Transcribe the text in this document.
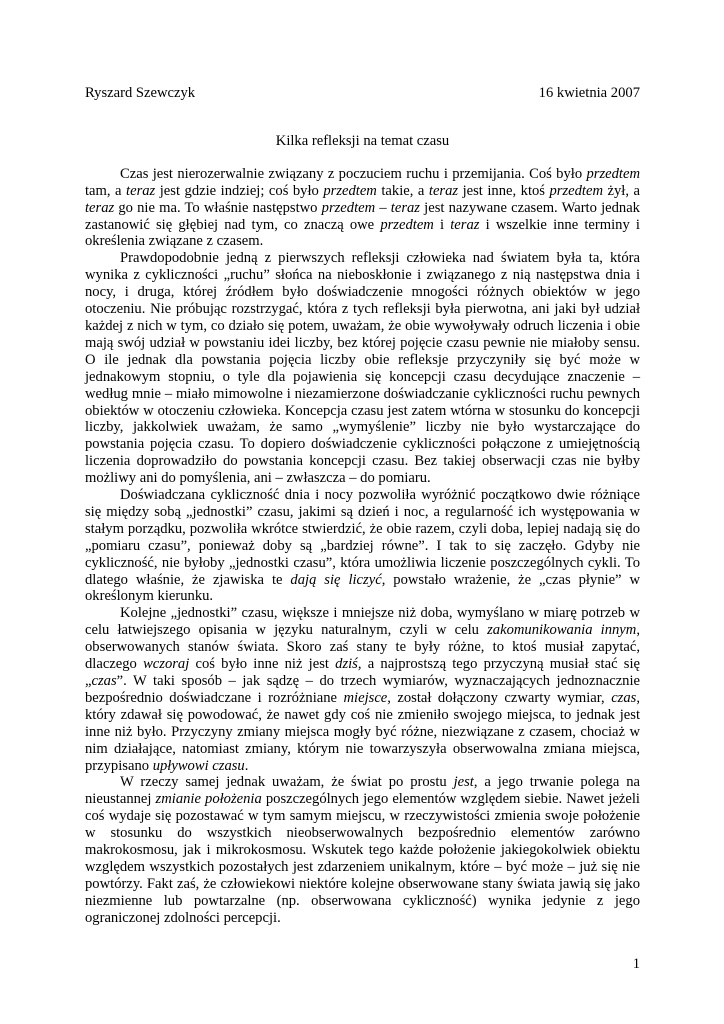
Ryszard Szewczyk	16 kwietnia 2007
Kilka refleksji na temat czasu

Czas jest nierozerwalnie związany z poczuciem ruchu i przemijania. Coś było przedtem tam, a teraz jest gdzie indziej; coś było przedtem takie, a teraz jest inne, ktoś przedtem żył, a teraz go nie ma. To właśnie następstwo przedtem – teraz jest nazywane czasem. Warto jednak zastanowić się głębiej nad tym, co znaczą owe przedtem i teraz i wszelkie inne terminy i określenia związane z czasem.

Prawdopodobnie jedną z pierwszych refleksji człowieka nad światem była ta, która wynika z cykliczności „ruchu” słońca na nieboskłonie i związanego z nią następstwa dnia i nocy, i druga, której źródłem było doświadczenie mnogości różnych obiektów w jego otoczeniu. Nie próbując rozstrzygać, która z tych refleksji była pierwotna, ani jaki był udział każdej z nich w tym, co działo się potem, uważam, że obie wywoływały odruch liczenia i obie mają swój udział w powstaniu idei liczby, bez której pojęcie czasu pewnie nie miałoby sensu. O ile jednak dla powstania pojęcia liczby obie refleksje przyczyniły się być może w jednakowym stopniu, o tyle dla pojawienia się koncepcji czasu decydujące znaczenie – według mnie – miało mimowolne i niezamierzone doświadczanie cykliczności ruchu pewnych obiektów w otoczeniu człowieka. Koncepcja czasu jest zatem wtórna w stosunku do koncepcji liczby, jakkolwiek uważam, że samo „wymyślenie” liczby nie było wystarczające do powstania pojęcia czasu. To dopiero doświadczenie cykliczności połączone z umiejętnością liczenia doprowadziło do powstania koncepcji czasu. Bez takiej obserwacji czas nie byłby możliwy ani do pomyślenia, ani – zwłaszcza – do pomiaru.

Doświadczana cykliczność dnia i nocy pozwoliła wyróżnić początkowo dwie różniące się między sobą „jednostki” czasu, jakimi są dzień i noc, a regularność ich występowania w stałym porządku, pozwoliła wkrótce stwierdzić, że obie razem, czyli doba, lepiej nadają się do „pomiaru czasu”, ponieważ doby są „bardziej równe”. I tak to się zaczęło. Gdyby nie cykliczność, nie byłoby „jednostki czasu”, która umożliwia liczenie poszczególnych cykli. To dlatego właśnie, że zjawiska te dają się liczyć, powstało wrażenie, że „czas płynie” w określonym kierunku.

Kolejne „jednostki” czasu, większe i mniejsze niż doba, wymyślano w miarę potrzeb w celu łatwiejszego opisania w języku naturalnym, czyli w celu zakomunikowania innym, obserwowanych stanów świata. Skoro zaś stany te były różne, to ktoś musiał zapytać, dlaczego wczoraj coś było inne niż jest dziś, a najprostszą tego przyczyną musiał stać się „czas”. W taki sposób – jak sądzę – do trzech wymiarów, wyznaczających jednoznacznie bezpośrednio doświadczane i rozróżniane miejsce, został dołączony czwarty wymiar, czas, który zdawał się powodować, że nawet gdy coś nie zmieniło swojego miejsca, to jednak jest inne niż było. Przyczyny zmiany miejsca mogły być różne, niezwiązane z czasem, chociaż w nim działające, natomiast zmiany, którym nie towarzyszyła obserwowalna zmiana miejsca, przypisano upływowi czasu.

W rzeczy samej jednak uważam, że świat po prostu jest, a jego trwanie polega na nieustannej zmianie położenia poszczególnych jego elementów względem siebie. Nawet jeżeli coś wydaje się pozostawać w tym samym miejscu, w rzeczywistości zmienia swoje położenie w stosunku do wszystkich nieobserwowalnych bezpośrednio elementów zarówno makrokosmosu, jak i mikrokosmosu. Wskutek tego każde położenie jakiegokolwiek obiektu względem wszystkich pozostałych jest zdarzeniem unikalnym, które – być może – już się nie powtórzy. Fakt zaś, że człowiekowi niektóre kolejne obserwowane stany świata jawią się jako niezmienne lub powtarzalne (np. obserwowana cykliczność) wynika jedynie z jego ograniczonej zdolności percepcji.

1
